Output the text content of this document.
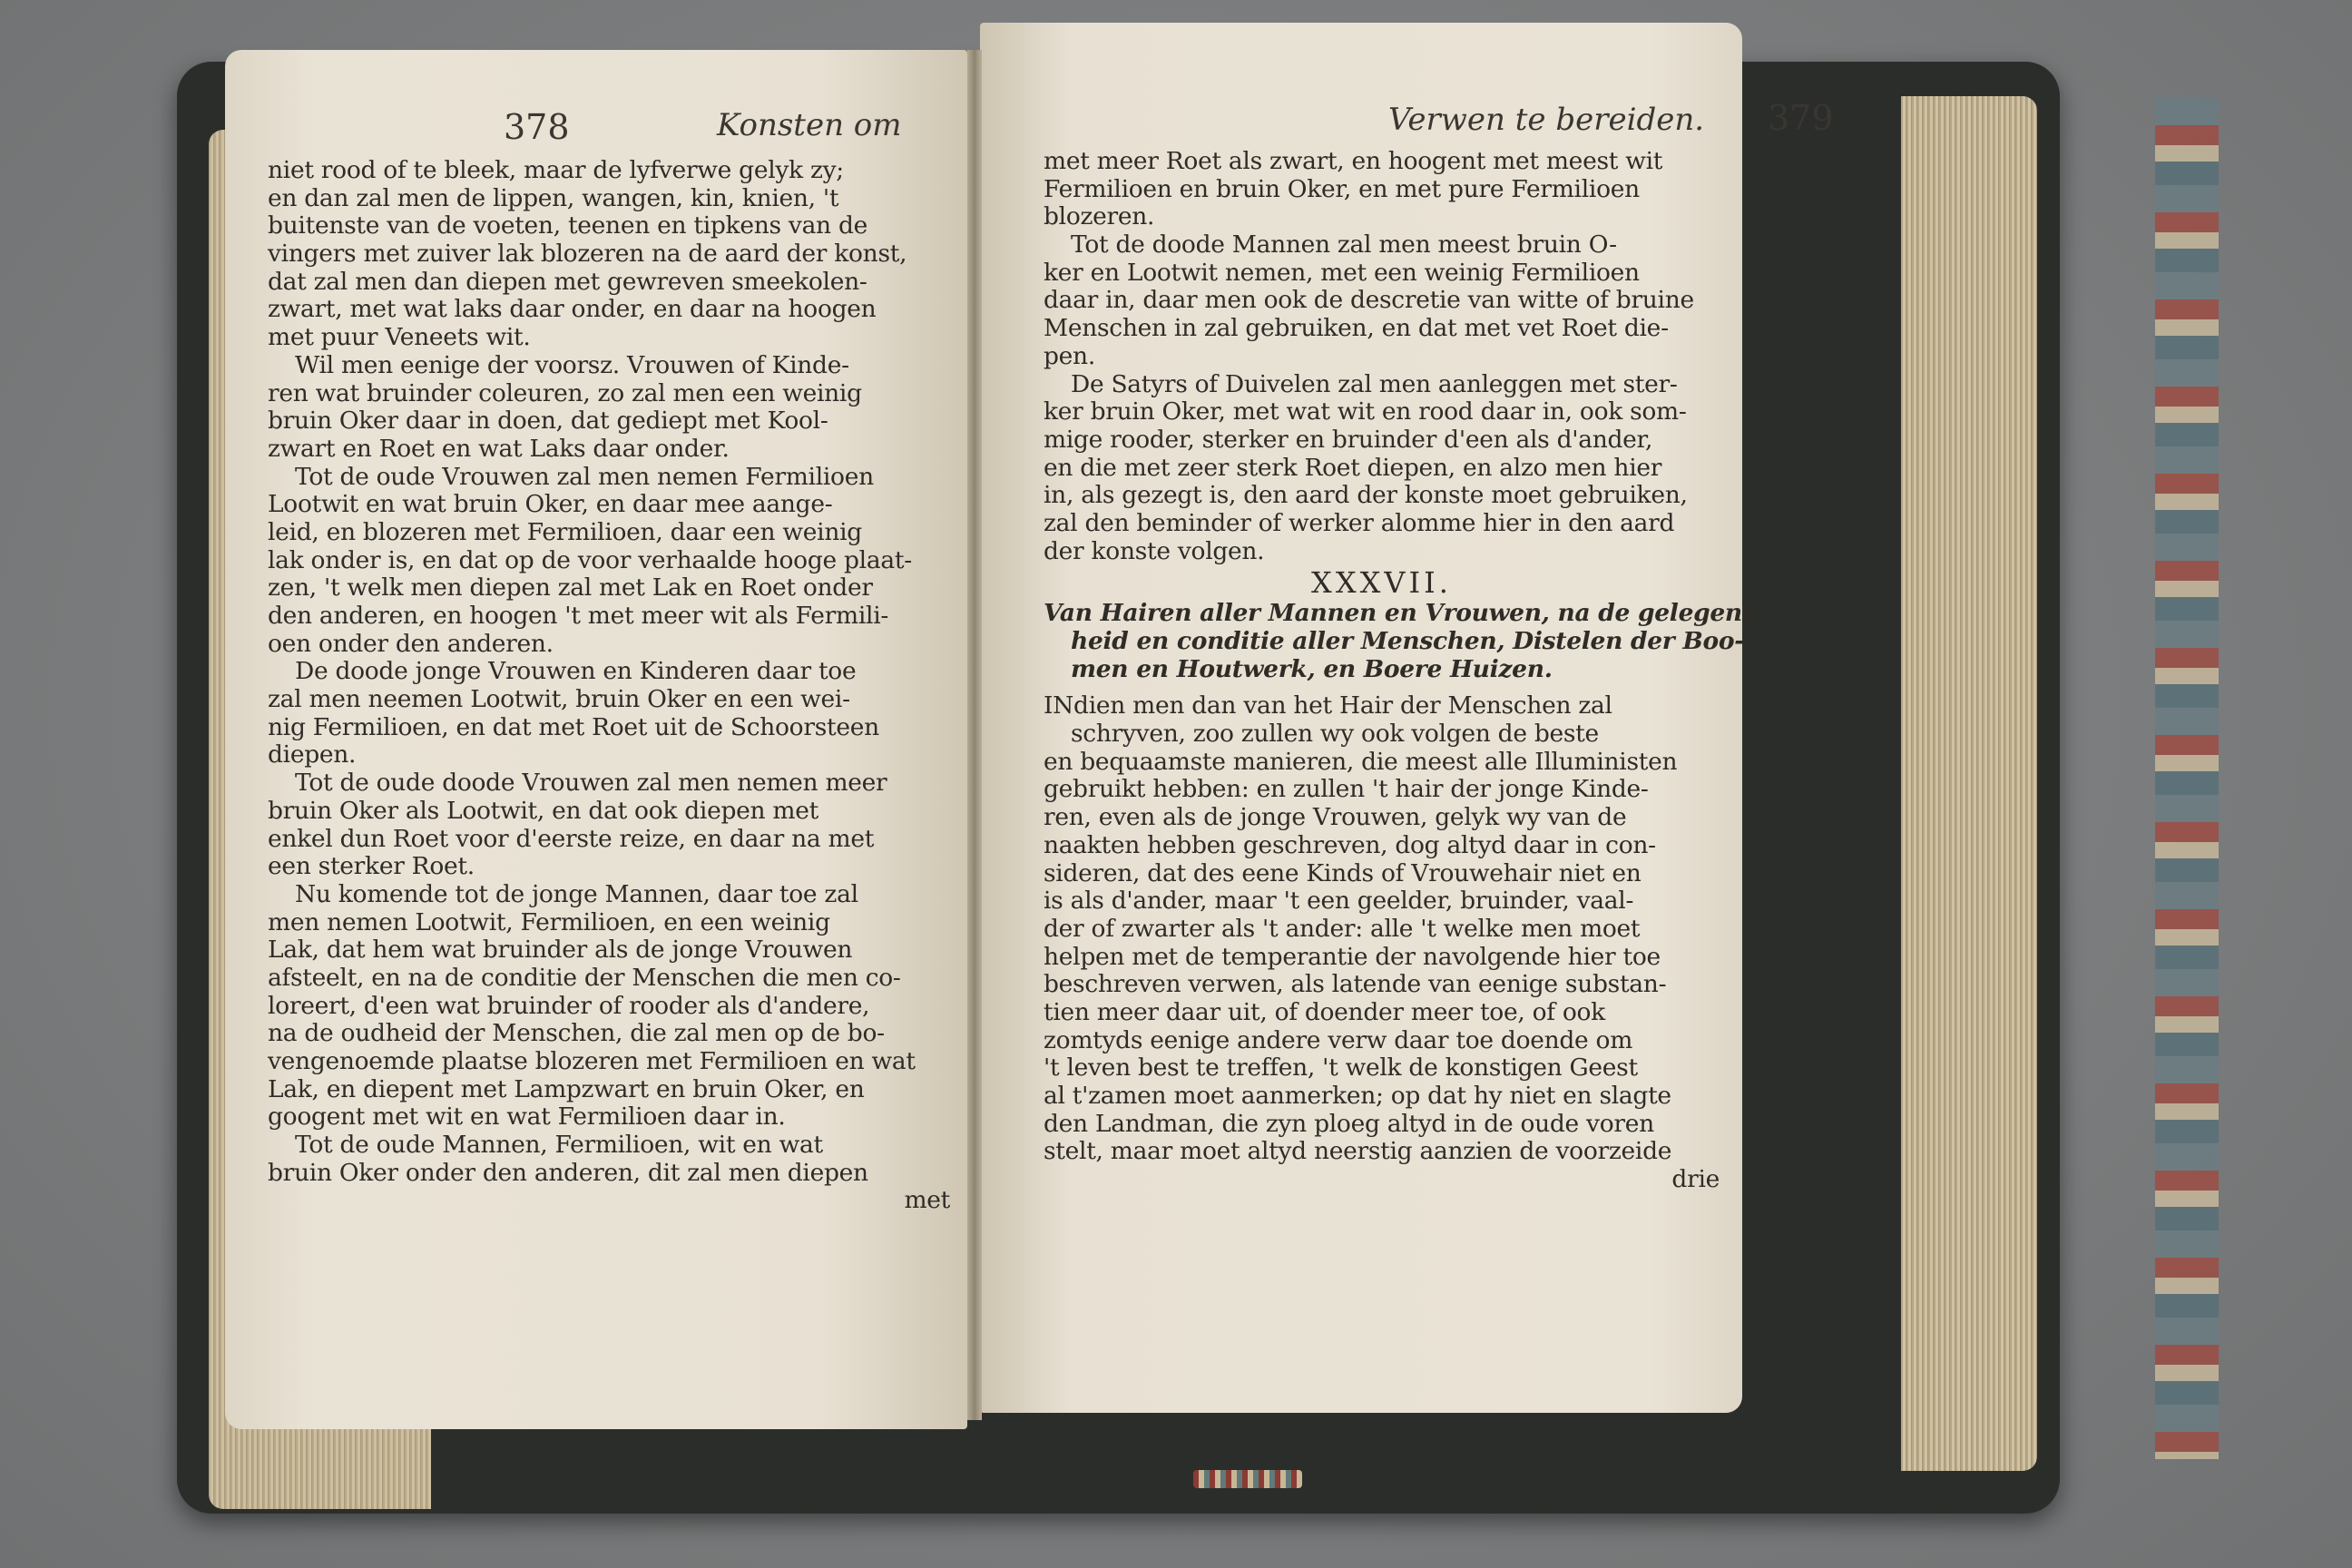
378	Konsten om	Verwen te bereiden. 379
niet rood of te bleek, maar de lyfverwe gelyk zy;
en dan zal men de lippen, wangen, kin, knien, 't
buitenste van de voeten, teenen en tipkens van de
vingers met zuiver lak blozeren na de aard der konst,
dat zal men dan diepen met gewreven smeekolen-
zwart, met wat laks daar onder, en daar na hoogen
met puur Veneets wit.
Wil men eenige der voorsz. Vrouwen of Kinde-
ren wat bruinder coleuren, zo zal men een weinig
bruin Oker daar in doen, dat gediept met Kool-
zwart en Roet en wat Laks daar onder.
Tot de oude Vrouwen zal men nemen Fermilioen
Lootwit en wat bruin Oker, en daar mee aange-
leid, en blozeren met Fermilioen, daar een weinig
lak onder is, en dat op de voor verhaalde hooge plaat-
zen, 't welk men diepen zal met Lak en Roet onder
den anderen, en hoogen 't met meer wit als Fermili-
oen onder den anderen.
De doode jonge Vrouwen en Kinderen daar toe
zal men neemen Lootwit, bruin Oker en een wei-
nig Fermilioen, en dat met Roet uit de Schoorsteen
diepen.
Tot de oude doode Vrouwen zal men nemen meer
bruin Oker als Lootwit, en dat ook diepen met
enkel dun Roet voor d'eerste reize, en daar na met
een sterker Roet.
Nu komende tot de jonge Mannen, daar toe zal
men nemen Lootwit, Fermilioen, en een weinig
Lak, dat hem wat bruinder als de jonge Vrouwen
afsteelt, en na de conditie der Menschen die men co-
loreert, d'een wat bruinder of rooder als d'andere,
na de oudheid der Menschen, die zal men op de bo-
vengenoemde plaatse blozeren met Fermilioen en wat
Lak, en diepent met Lampzwart en bruin Oker, en
googent met wit en wat Fermilioen daar in.
Tot de oude Mannen, Fermilioen, wit en wat
bruin Oker onder den anderen, dit zal men diepen
met
met meer Roet als zwart, en hoogent met meest wit
Fermilioen en bruin Oker, en met pure Fermilioen
blozeren.
Tot de doode Mannen zal men meest bruin O-
ker en Lootwit nemen, met een weinig Fermilioen
daar in, daar men ook de descretie van witte of bruine
Menschen in zal gebruiken, en dat met vet Roet die-
pen.
De Satyrs of Duivelen zal men aanleggen met ster-
ker bruin Oker, met wat wit en rood daar in, ook som-
mige rooder, sterker en bruinder d'een als d'ander,
en die met zeer sterk Roet diepen, en alzo men hier
in, als gezegt is, den aard der konste moet gebruiken,
zal den beminder of werker alomme hier in den aard
der konste volgen.
XXXVII.
Van Hairen aller Mannen en Vrouwen, na de gelegent-
heid en conditie aller Menschen, Distelen der Boo-
men en Houtwerk, en Boere Huizen.
INdien men dan van het Hair der Menschen zal
schryven, zoo zullen wy ook volgen de beste
en bequaamste manieren, die meest alle Illuministen
gebruikt hebben: en zullen 't hair der jonge Kinde-
ren, even als de jonge Vrouwen, gelyk wy van de
naakten hebben geschreven, dog altyd daar in con-
sideren, dat des eene Kinds of Vrouwehair niet en
is als d'ander, maar 't een geelder, bruinder, vaal-
der of zwarter als 't ander: alle 't welke men moet
helpen met de temperantie der navolgende hier toe
beschreven verwen, als latende van eenige substan-
tien meer daar uit, of doender meer toe, of ook
zomtyds eenige andere verw daar toe doende om
't leven best te treffen, 't welk de konstigen Geest
al t'zamen moet aanmerken; op dat hy niet en slagte
den Landman, die zyn ploeg altyd in de oude voren
stelt, maar moet altyd neerstig aanzien de voorzeide
drie
